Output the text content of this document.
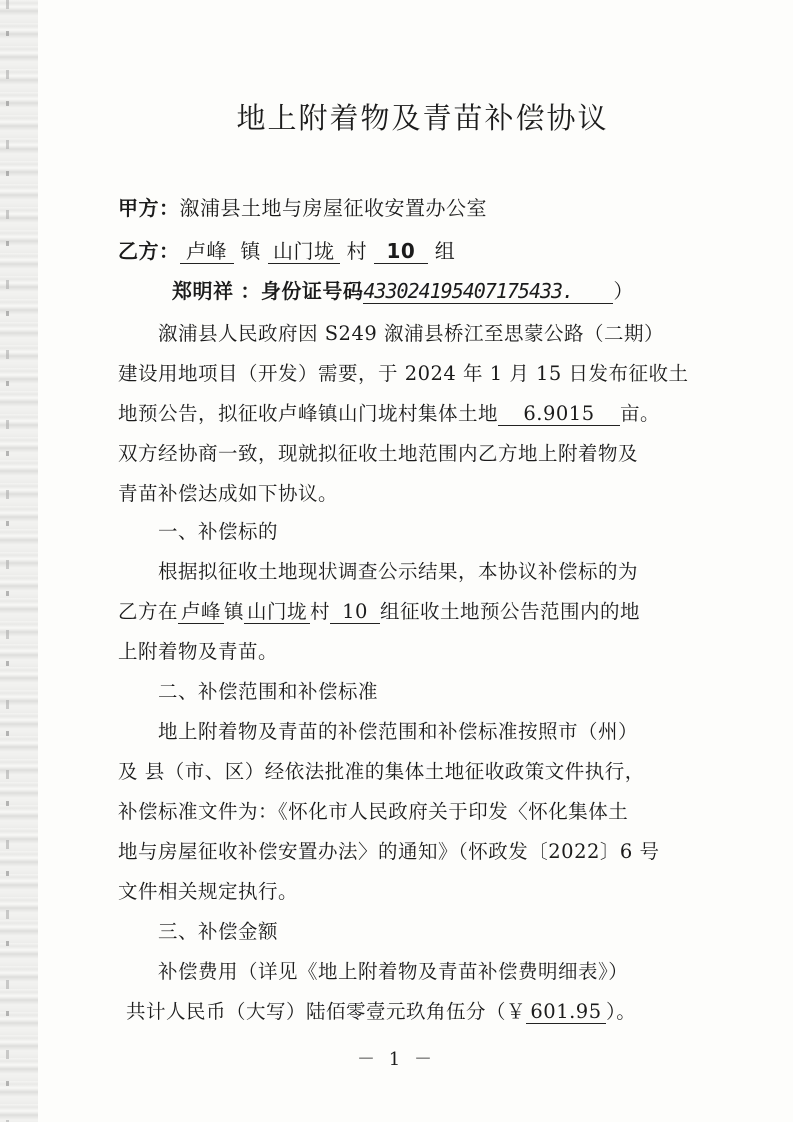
地上附着物及青苗补偿协议
甲方：溆浦县土地与房屋征收安置办公室
乙方： 卢峰 镇 山门垅 村 10 组
郑明祥 ：身份证号码433024195407175433. ）
溆浦县人民政府因 S249 溆浦县桥江至思蒙公路（二期）
建设用地项目（开发）需要，于 2024 年 1 月 15 日发布征收土
地预公告，拟征收卢峰镇山门垅村集体土地 6.9015 亩。
双方经协商一致，现就拟征收土地范围内乙方地上附着物及
青苗补偿达成如下协议。
一、补偿标的
根据拟征收土地现状调查公示结果，本协议补偿标的为
乙方在 卢峰 镇 山门垅 村 10 组征收土地预公告范围内的地
上附着物及青苗。
二、补偿范围和补偿标准
地上附着物及青苗的补偿范围和补偿标准按照市（州）
及 县（市、区）经依法批准的集体土地征收政策文件执行，
补偿标准文件为：《怀化市人民政府关于印发〈怀化集体土
地与房屋征收补偿安置办法〉的通知》（怀政发〔2022〕6 号
文件相关规定执行。
三、补偿金额
补偿费用（详见《地上附着物及青苗补偿费明细表》）
共计人民币（大写）陆佰零壹元玖角伍分（￥ 601.95 ）。
－ 1 －
